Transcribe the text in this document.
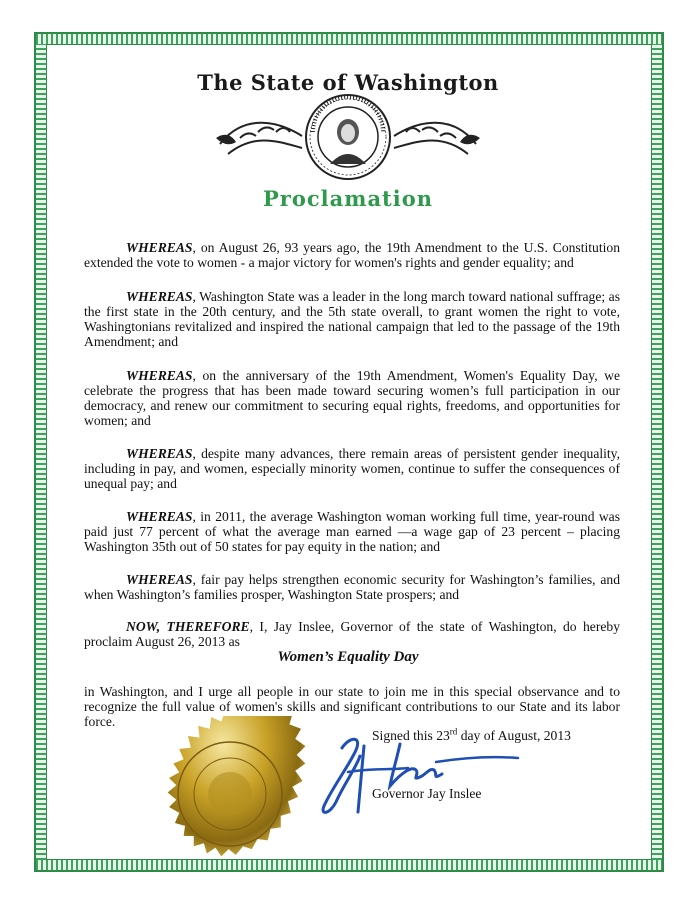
The State of Washington
Proclamation

WHEREAS, on August 26, 93 years ago, the 19th Amendment to the U.S. Constitution extended the vote to women - a major victory for women's rights and gender equality; and

WHEREAS, Washington State was a leader in the long march toward national suffrage; as the first state in the 20th century, and the 5th state overall, to grant women the right to vote, Washingtonians revitalized and inspired the national campaign that led to the passage of the 19th Amendment; and

WHEREAS, on the anniversary of the 19th Amendment, Women's Equality Day, we celebrate the progress that has been made toward securing women’s full participation in our democracy, and renew our commitment to securing equal rights, freedoms, and opportunities for women; and

WHEREAS, despite many advances, there remain areas of persistent gender inequality, including in pay, and women, especially minority women, continue to suffer the consequences of unequal pay; and

WHEREAS, in 2011, the average Washington woman working full time, year-round was paid just 77 percent of what the average man earned —a wage gap of 23 percent – placing Washington 35th out of 50 states for pay equity in the nation; and

WHEREAS, fair pay helps strengthen economic security for Washington’s families, and when Washington’s families prosper, Washington State prospers; and

NOW, THEREFORE, I, Jay Inslee, Governor of the state of Washington, do hereby proclaim August 26, 2013 as

Women’s Equality Day

in Washington, and I urge all people in our state to join me in this special observance and to recognize the full value of women's skills and significant contributions to our State and its labor force.

Signed this 23rd day of August, 2013
Governor Jay Inslee
